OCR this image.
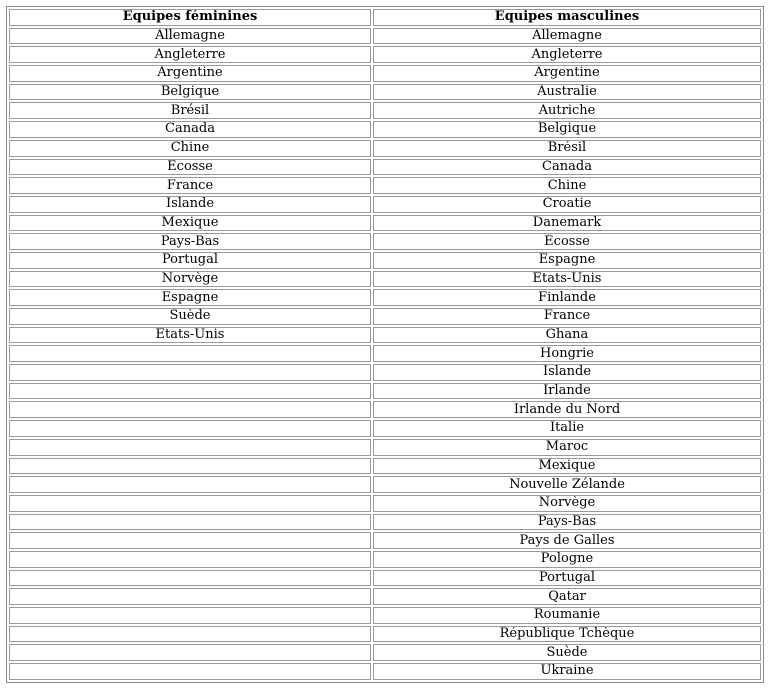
Équipes féminines	Équipes masculines
Allemagne	Allemagne
Angleterre	Angleterre
Argentine	Argentine
Belgique	Australie
Brésil	Autriche
Canada	Belgique
Chine	Brésil
Écosse	Canada
France	Chine
Islande	Croatie
Mexique	Danemark
Pays-Bas	Écosse
Portugal	Espagne
Norvège	États-Unis
Espagne	Finlande
Suède	France
États-Unis	Ghana
	Hongrie
	Islande
	Irlande
	Irlande du Nord
	Italie
	Maroc
	Mexique
	Nouvelle Zélande
	Norvège
	Pays-Bas
	Pays de Galles
	Pologne
	Portugal
	Qatar
	Roumanie
	République Tchèque
	Suède
	Ukraine
